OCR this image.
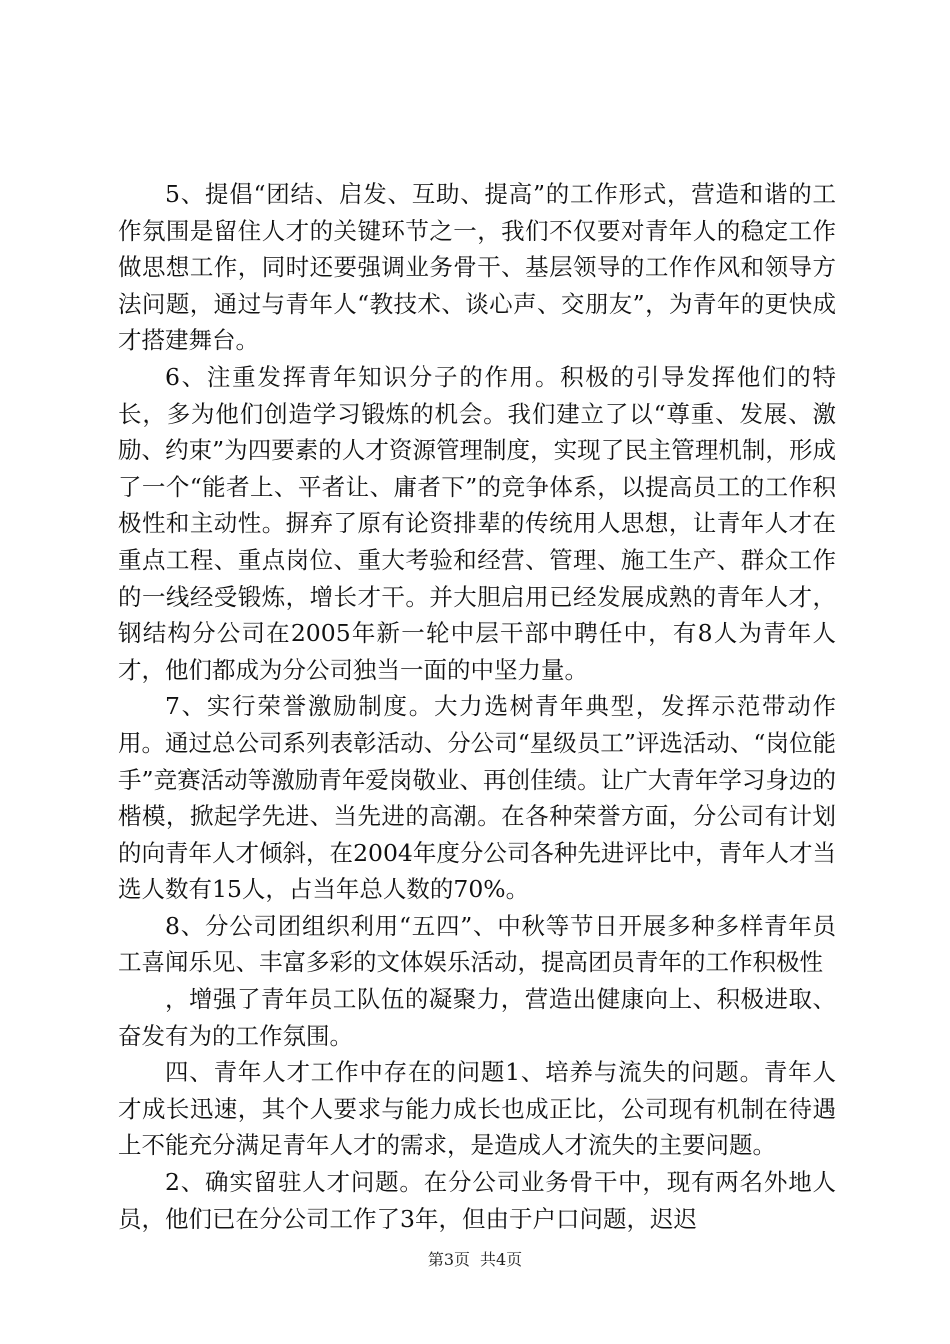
5、提倡“团结、启发、互助、提高”的工作形式，营造和谐的工作氛围是留住人才的关键环节之一，我们不仅要对青年人的稳定工作做思想工作，同时还要强调业务骨干、基层领导的工作作风和领导方法问题，通过与青年人“教技术、谈心声、交朋友”，为青年的更快成才搭建舞台。

6、注重发挥青年知识分子的作用。积极的引导发挥他们的特长，多为他们创造学习锻炼的机会。我们建立了以“尊重、发展、激励、约束”为四要素的人才资源管理制度，实现了民主管理机制，形成了一个“能者上、平者让、庸者下”的竞争体系，以提高员工的工作积极性和主动性。摒弃了原有论资排辈的传统用人思想，让青年人才在重点工程、重点岗位、重大考验和经营、管理、施工生产、群众工作的一线经受锻炼，增长才干。并大胆启用已经发展成熟的青年人才，钢结构分公司在2005年新一轮中层干部中聘任中，有8人为青年人才，他们都成为分公司独当一面的中坚力量。

7、实行荣誉激励制度。大力选树青年典型，发挥示范带动作用。通过总公司系列表彰活动、分公司“星级员工”评选活动、“岗位能手”竞赛活动等激励青年爱岗敬业、再创佳绩。让广大青年学习身边的楷模，掀起学先进、当先进的高潮。在各种荣誉方面，分公司有计划的向青年人才倾斜，在2004年度分公司各种先进评比中，青年人才当选人数有15人，占当年总人数的70%。

8、分公司团组织利用“五四”、中秋等节日开展多种多样青年员工喜闻乐见、丰富多彩的文体娱乐活动，提高团员青年的工作积极性

，增强了青年员工队伍的凝聚力，营造出健康向上、积极进取、奋发有为的工作氛围。

四、青年人才工作中存在的问题1、培养与流失的问题。青年人才成长迅速，其个人要求与能力成长也成正比，公司现有机制在待遇上不能充分满足青年人才的需求，是造成人才流失的主要问题。

2、确实留驻人才问题。在分公司业务骨干中，现有两名外地人员，他们已在分公司工作了3年，但由于户口问题，迟迟

第3页 共4页
